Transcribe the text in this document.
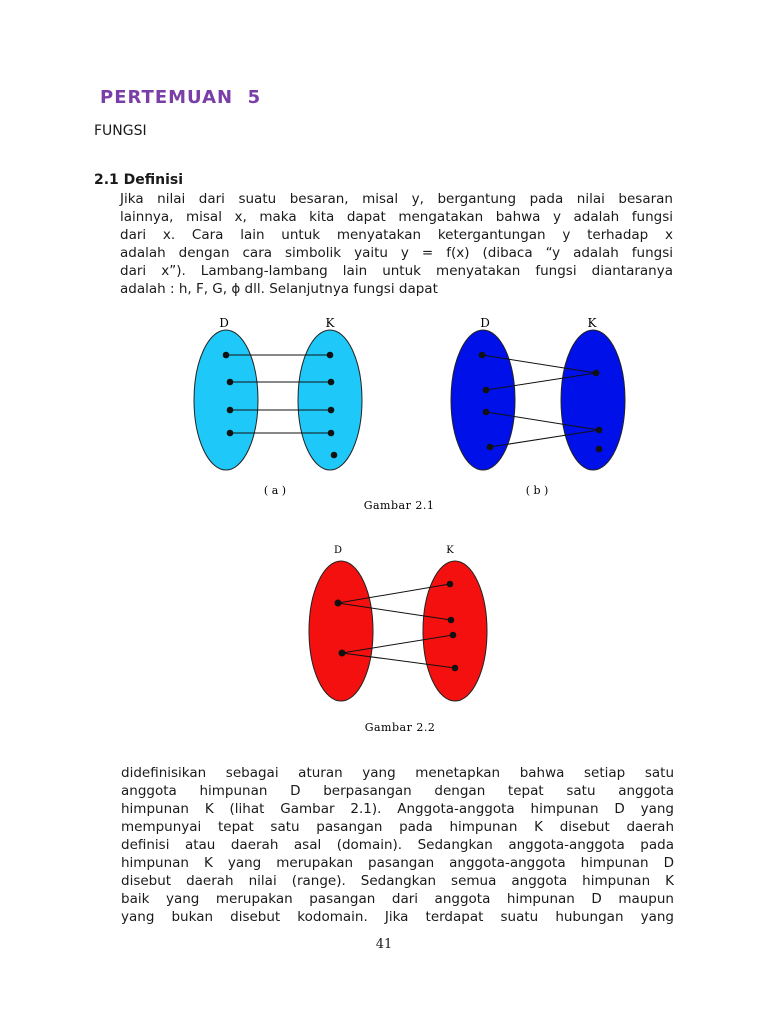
PERTEMUAN  5
FUNGSI
2.1 Definisi
Jika nilai dari suatu besaran, misal y, bergantung pada nilai besaran
lainnya, misal x, maka kita dapat mengatakan bahwa y adalah fungsi
dari x. Cara lain untuk menyatakan ketergantungan y terhadap x
adalah dengan cara simbolik yaitu y = f(x) (dibaca “y adalah fungsi
dari x”). Lambang-lambang lain untuk menyatakan fungsi diantaranya
adalah : h, F, G, ϕ dll. Selanjutnya fungsi dapat
D	K
( a )
D	K
( b )
Gambar 2.1
D	K
Gambar 2.2
didefinisikan sebagai aturan yang menetapkan bahwa setiap satu
anggota himpunan D berpasangan dengan tepat satu anggota
himpunan K (lihat Gambar 2.1). Anggota-anggota himpunan D yang
mempunyai tepat satu pasangan pada himpunan K disebut daerah
definisi atau daerah asal (domain). Sedangkan anggota-anggota pada
himpunan K yang merupakan pasangan anggota-anggota himpunan D
disebut daerah nilai (range). Sedangkan semua anggota himpunan K
baik yang merupakan pasangan dari anggota himpunan D maupun
yang bukan disebut kodomain. Jika terdapat suatu hubungan yang
41
